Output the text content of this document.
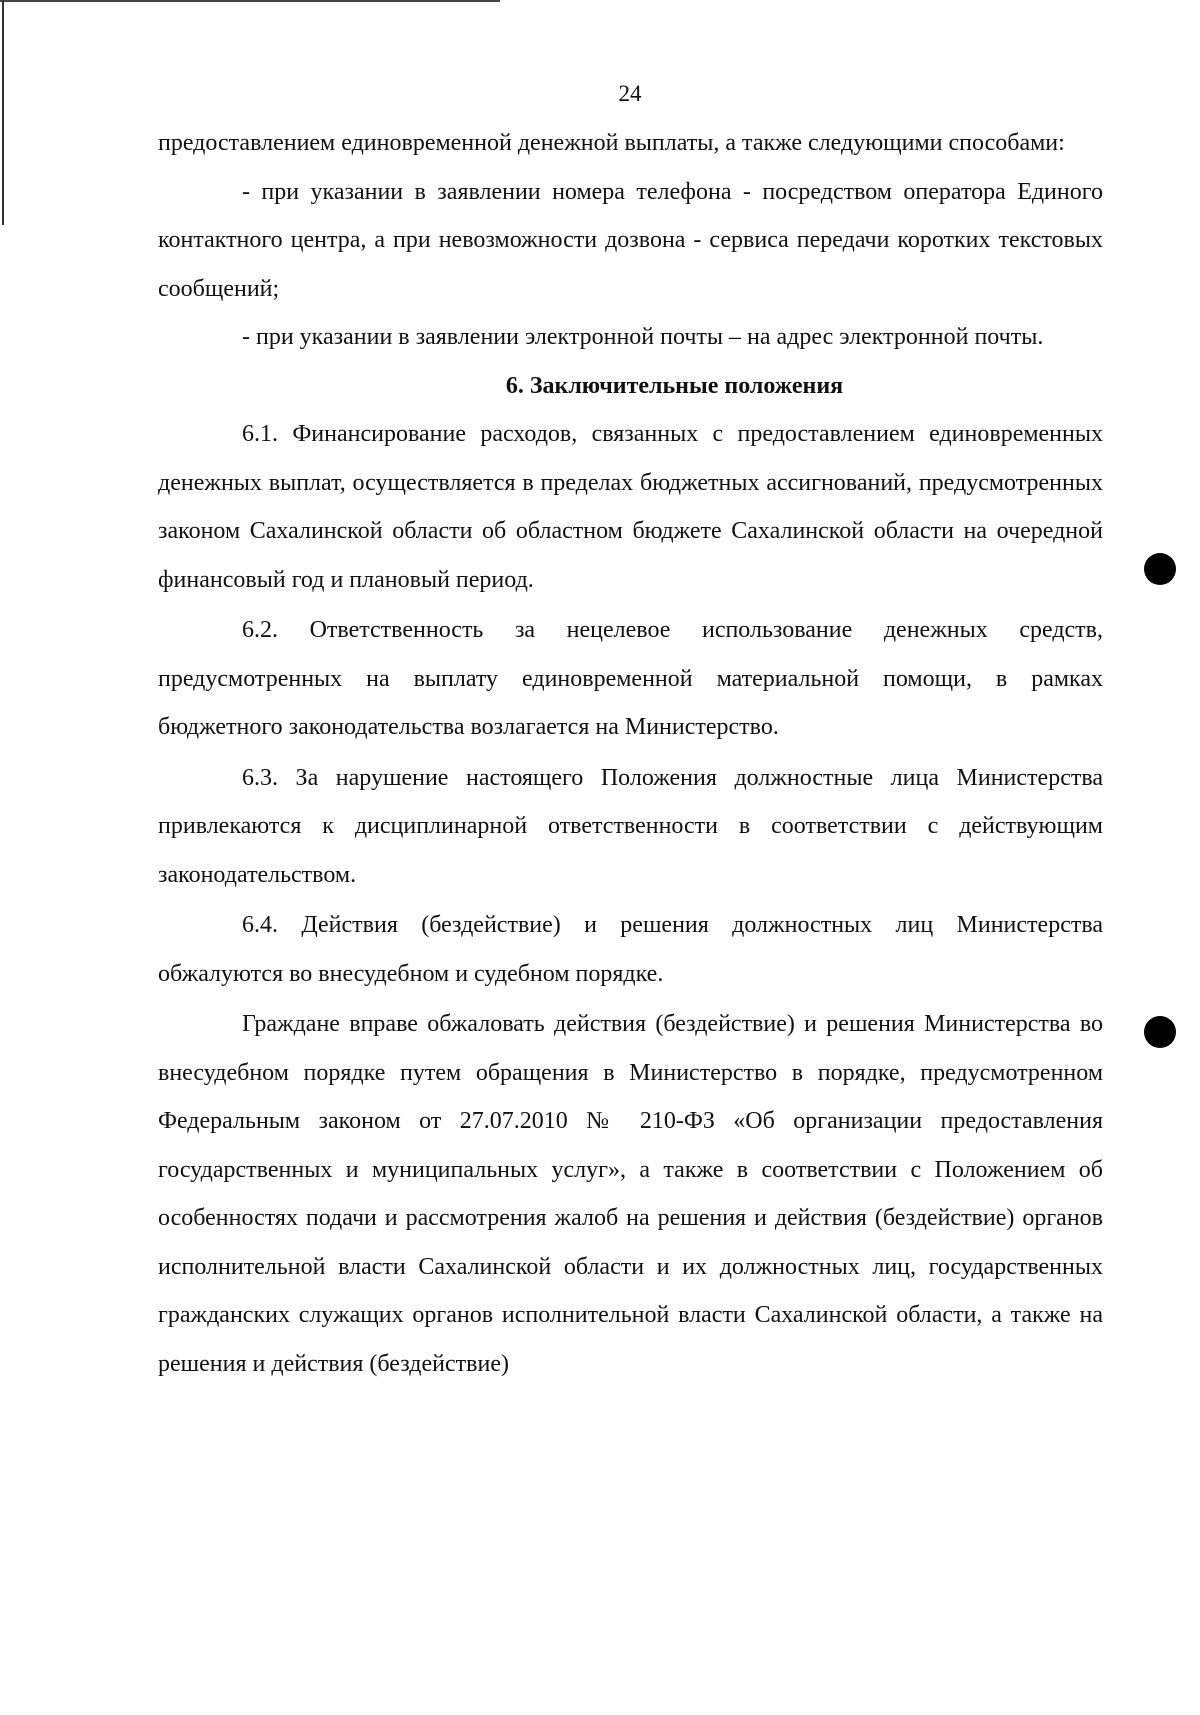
24

предоставлением единовременной денежной выплаты, а также следующими способами:

- при указании в заявлении номера телефона - посредством оператора Единого контактного центра, а при невозможности дозвона - сервиса передачи коротких текстовых сообщений;

- при указании в заявлении электронной почты – на адрес электронной почты.

6. Заключительные положения

6.1. Финансирование расходов, связанных с предоставлением единовременных денежных выплат, осуществляется в пределах бюджетных ассигнований, предусмотренных законом Сахалинской области об областном бюджете Сахалинской области на очередной финансовый год и плановый период.

6.2. Ответственность за нецелевое использование денежных средств, предусмотренных на выплату единовременной материальной помощи, в рамках бюджетного законодательства возлагается на Министерство.

6.3. За нарушение настоящего Положения должностные лица Министерства привлекаются к дисциплинарной ответственности в соответствии с действующим законодательством.

6.4. Действия (бездействие) и решения должностных лиц Министерства обжалуются во внесудебном и судебном порядке.

Граждане вправе обжаловать действия (бездействие) и решения Министерства во внесудебном порядке путем обращения в Министерство в порядке, предусмотренном Федеральным законом от 27.07.2010 № 210-ФЗ «Об организации предоставления государственных и муниципальных услуг», а также в соответствии с Положением об особенностях подачи и рассмотрения жалоб на решения и действия (бездействие) органов исполнительной власти Сахалинской области и их должностных лиц, государственных гражданских служащих органов исполнительной власти Сахалинской области, а также на решения и действия (бездействие)
